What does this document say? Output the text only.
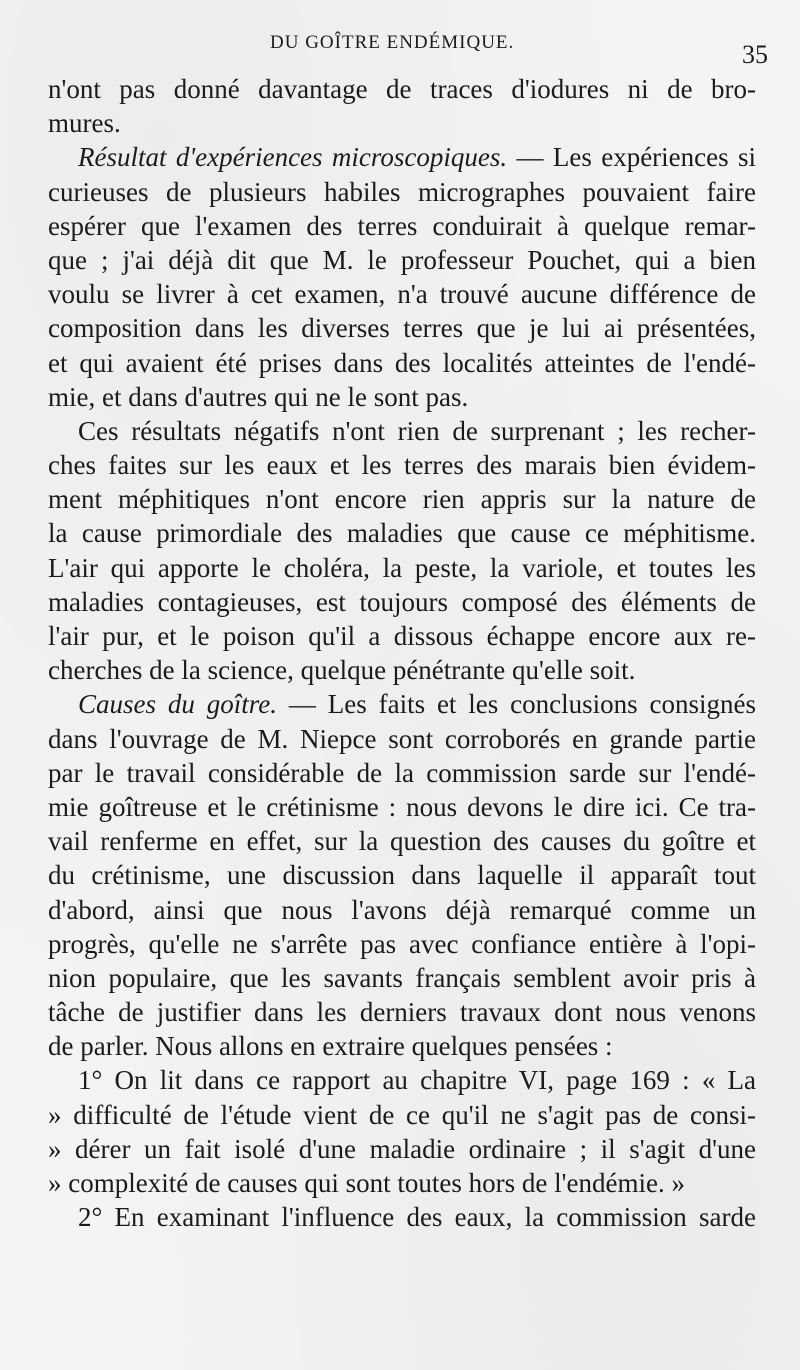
DU GOÎTRE ENDÉMIQUE.	35
n'ont pas donné davantage de traces d'iodures ni de bro-
mures.
Résultat d'expériences microscopiques. — Les expériences si
curieuses de plusieurs habiles micrographes pouvaient faire
espérer que l'examen des terres conduirait à quelque remar-
que ; j'ai déjà dit que M. le professeur Pouchet, qui a bien
voulu se livrer à cet examen, n'a trouvé aucune différence de
composition dans les diverses terres que je lui ai présentées,
et qui avaient été prises dans des localités atteintes de l'endé-
mie, et dans d'autres qui ne le sont pas.
Ces résultats négatifs n'ont rien de surprenant ; les recher-
ches faites sur les eaux et les terres des marais bien évidem-
ment méphitiques n'ont encore rien appris sur la nature de
la cause primordiale des maladies que cause ce méphitisme.
L'air qui apporte le choléra, la peste, la variole, et toutes les
maladies contagieuses, est toujours composé des éléments de
l'air pur, et le poison qu'il a dissous échappe encore aux re-
cherches de la science, quelque pénétrante qu'elle soit.
Causes du goître. — Les faits et les conclusions consignés
dans l'ouvrage de M. Niepce sont corroborés en grande partie
par le travail considérable de la commission sarde sur l'endé-
mie goîtreuse et le crétinisme : nous devons le dire ici. Ce tra-
vail renferme en effet, sur la question des causes du goître et
du crétinisme, une discussion dans laquelle il apparaît tout
d'abord, ainsi que nous l'avons déjà remarqué comme un
progrès, qu'elle ne s'arrête pas avec confiance entière à l'opi-
nion populaire, que les savants français semblent avoir pris à
tâche de justifier dans les derniers travaux dont nous venons
de parler. Nous allons en extraire quelques pensées :
1° On lit dans ce rapport au chapitre VI, page 169 : « La
» difficulté de l'étude vient de ce qu'il ne s'agit pas de consi-
» dérer un fait isolé d'une maladie ordinaire ; il s'agit d'une
» complexité de causes qui sont toutes hors de l'endémie. »
2° En examinant l'influence des eaux, la commission sarde
